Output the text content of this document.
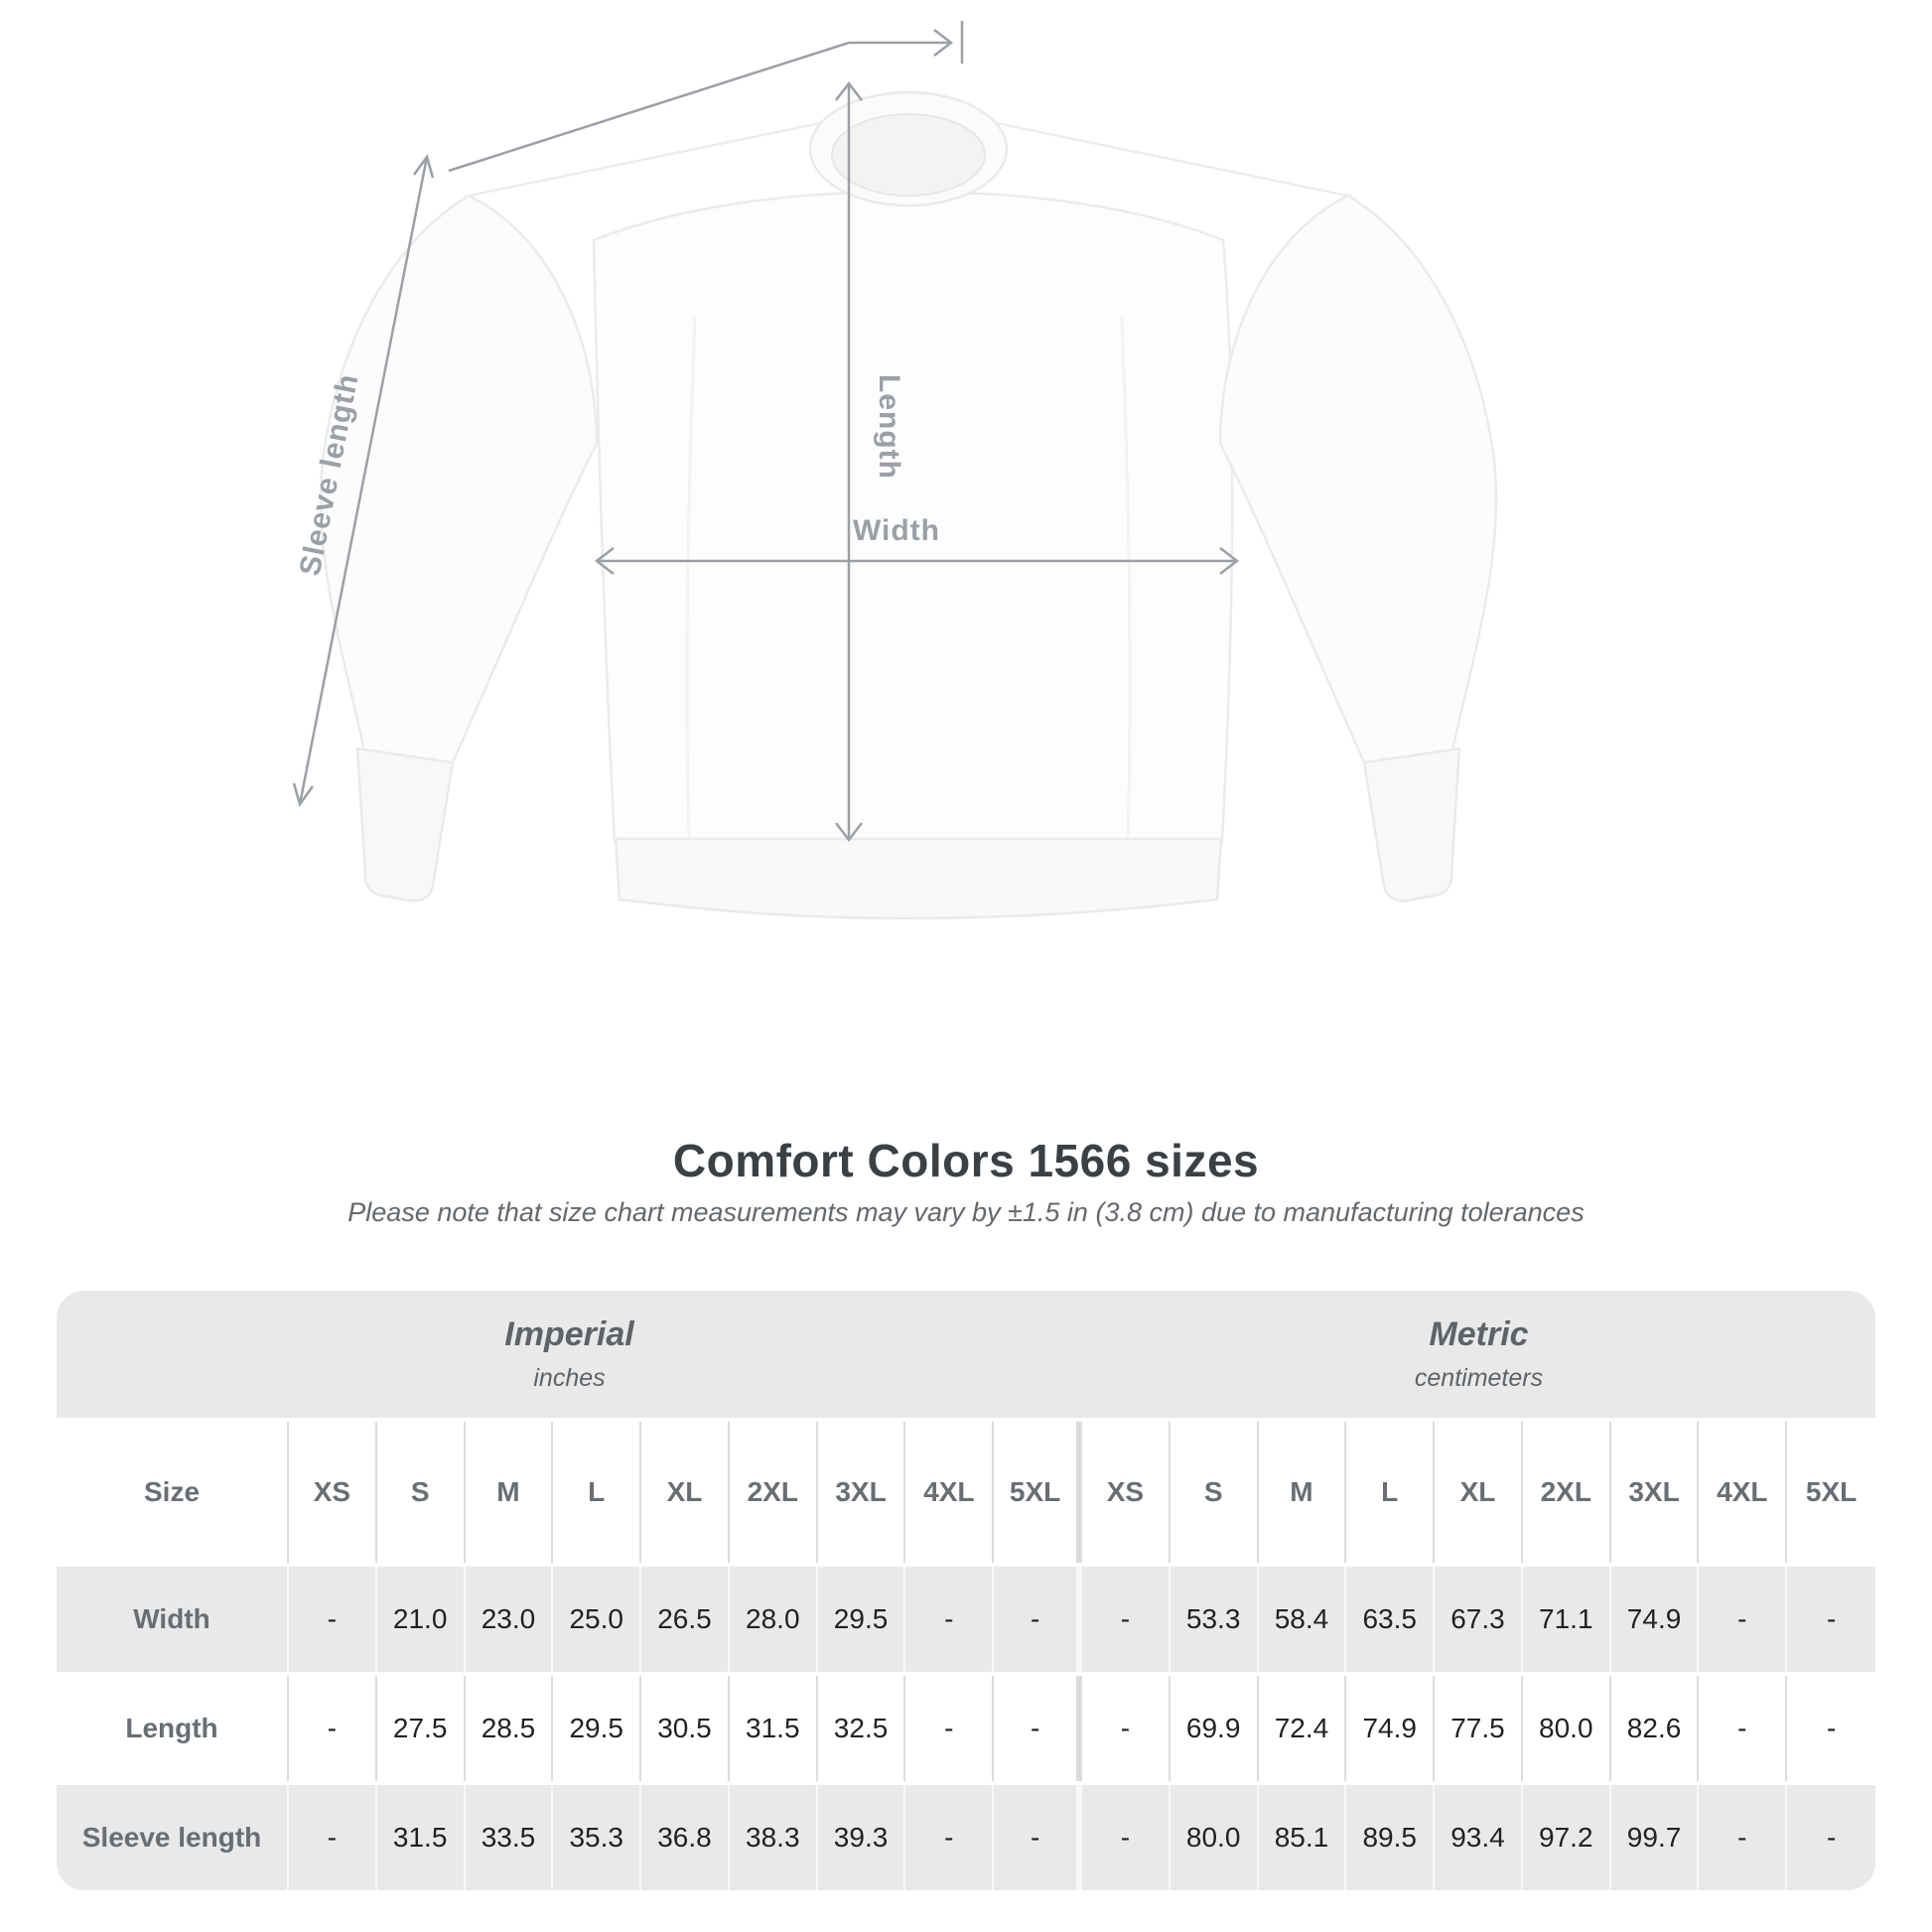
Length
Width
Sleeve length
Comfort Colors 1566 sizes
Please note that size chart measurements may vary by ±1.5 in (3.8 cm) due to manufacturing tolerances
Imperial
inches
Metric
centimeters
Size	XS	S	M	L	XL	2XL	3XL	4XL	5XL	XS	S	M	L	XL	2XL	3XL	4XL	5XL
Width	-	21.0	23.0	25.0	26.5	28.0	29.5	-	-	-	53.3	58.4	63.5	67.3	71.1	74.9	-	-
Length	-	27.5	28.5	29.5	30.5	31.5	32.5	-	-	-	69.9	72.4	74.9	77.5	80.0	82.6	-	-
Sleeve length	-	31.5	33.5	35.3	36.8	38.3	39.3	-	-	-	80.0	85.1	89.5	93.4	97.2	99.7	-	-
